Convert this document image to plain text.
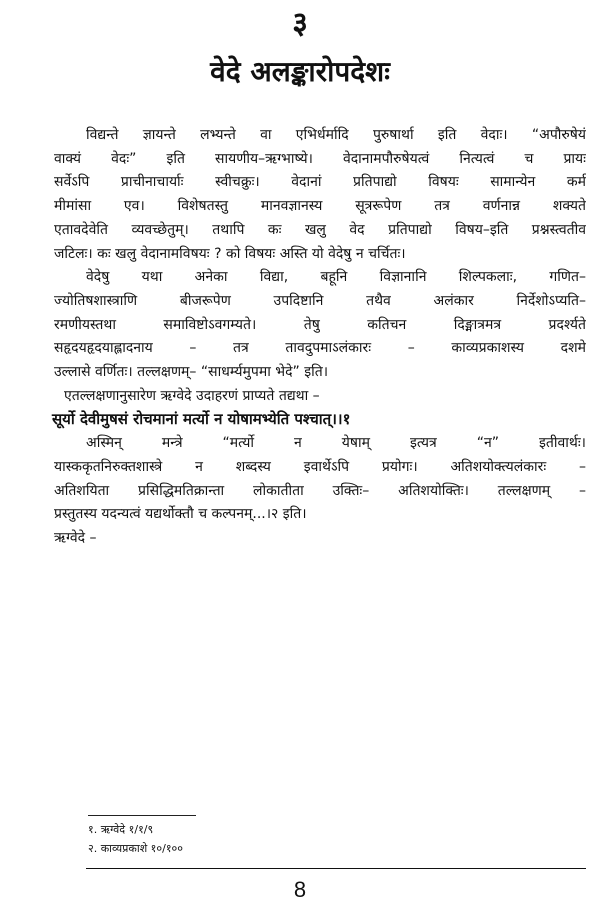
३
वेदे अलङ्कारोपदेशः
विद्यन्ते ज्ञायन्ते लभ्यन्ते वा एभिर्धर्मादि पुरुषार्था इति वेदाः। “अपौरुषेयं
वाक्यं वेदः” इति सायणीय–ऋग्भाष्ये। वेदानामपौरुषेयत्वं नित्यत्वं च प्रायः
सर्वेऽपि प्राचीनाचार्याः स्वीचक्रुः। वेदानां प्रतिपाद्यो विषयः सामान्येन कर्म
मीमांसा एव। विशेषतस्तु मानवज्ञानस्य सूत्ररूपेण तत्र वर्णनान्न शक्यते
एतावदेवेति व्यवच्छेतुम्। तथापि कः खलु वेद प्रतिपाद्यो विषय–इति प्रश्नस्त्वतीव
जटिलः। कः खलु वेदानामविषयः ? को विषयः अस्ति यो वेदेषु न चर्चितः।
वेदेषु यथा अनेका विद्या, बहूनि विज्ञानानि शिल्पकलाः, गणित–
ज्योतिषशास्त्राणि बीजरूपेण उपदिष्टानि तथैव अलंकार निर्देशोऽप्यति–
रमणीयस्तथा समाविष्टोऽवगम्यते। तेषु कतिचन दिङ्मात्रमत्र प्रदर्श्यते
सहृदयहृदयाह्लादनाय – तत्र तावदुपमाऽलंकारः – काव्यप्रकाशस्य दशमे
उल्लासे वर्णितः। तल्लक्षणम्– “साधर्म्यमुपमा भेदे” इति।
एतल्लक्षणानुसारेण ऋग्वेदे उदाहरणं प्राप्यते तद्यथा –
सूर्यो देवीमुषसं रोचमानां मर्त्यो न योषामभ्येति पश्चात्।।१
अस्मिन् मन्त्रे “मर्त्यो न येषाम् इत्यत्र “न” इतीवार्थः।
यास्ककृतनिरुक्तशास्त्रे न शब्दस्य इवार्थेऽपि प्रयोगः। अतिशयोक्त्यलंकारः –
अतिशयिता प्रसिद्धिमतिक्रान्ता लोकातीता उक्तिः– अतिशयोक्तिः। तल्लक्षणम् –
प्रस्तुतस्य यदन्यत्वं यद्यर्थोक्तौ च कल्पनम्...।२ इति।
ऋग्वेदे –
१. ऋग्वेदे १/१/९
२. काव्यप्रकाशे १०/१००
8
